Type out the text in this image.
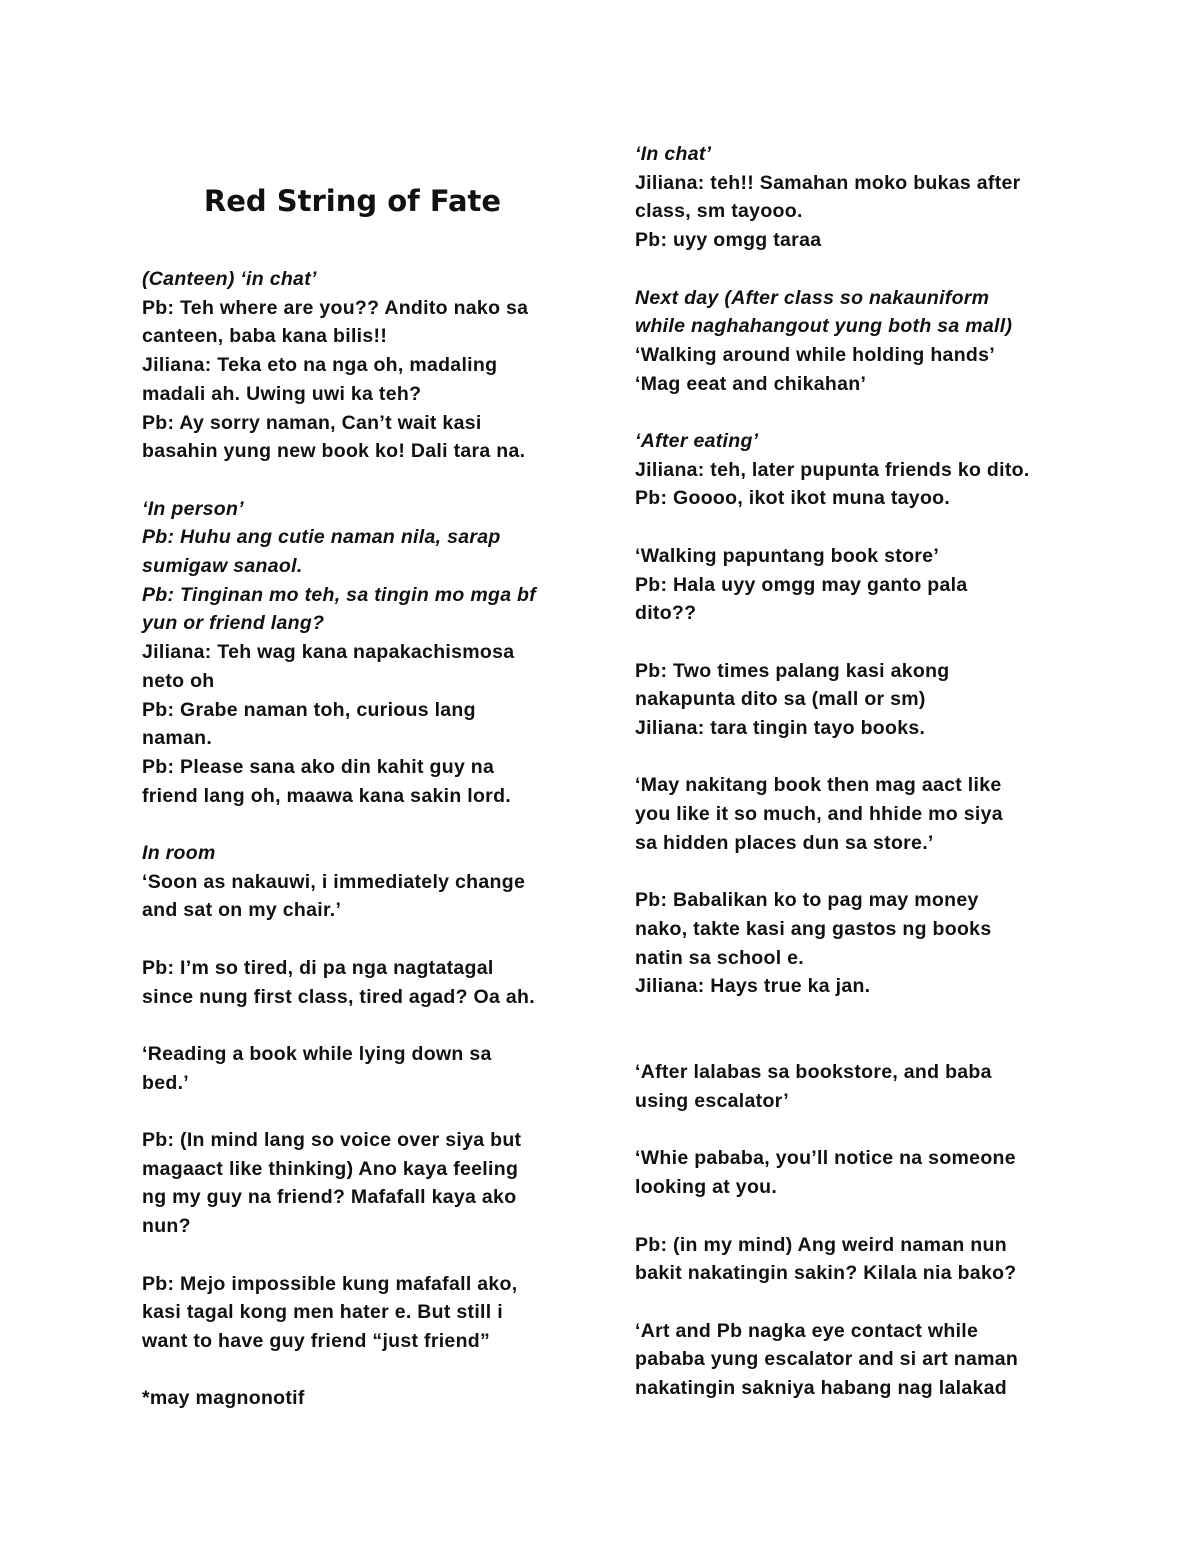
Red String of Fate
(Canteen) ‘in chat’
Pb: Teh where are you?? Andito nako sa
canteen, baba kana bilis!!
Jiliana: Teka eto na nga oh, madaling
madali ah. Uwing uwi ka teh?
Pb: Ay sorry naman, Can’t wait kasi
basahin yung new book ko! Dali tara na.
‘In person’
Pb: Huhu ang cutie naman nila, sarap
sumigaw sanaol.
Pb: Tinginan mo teh, sa tingin mo mga bf
yun or friend lang?
Jiliana: Teh wag kana napakachismosa
neto oh
Pb: Grabe naman toh, curious lang
naman.
Pb: Please sana ako din kahit guy na
friend lang oh, maawa kana sakin lord.
In room
‘Soon as nakauwi, i immediately change
and sat on my chair.’
Pb: I’m so tired, di pa nga nagtatagal
since nung first class, tired agad? Oa ah.
‘Reading a book while lying down sa
bed.’
Pb: (In mind lang so voice over siya but
magaact like thinking) Ano kaya feeling
ng my guy na friend? Mafafall kaya ako
nun?
Pb: Mejo impossible kung mafafall ako,
kasi tagal kong men hater e. But still i
want to have guy friend “just friend”
*may magnonotif
‘In chat’
Jiliana: teh!! Samahan moko bukas after
class, sm tayooo.
Pb: uyy omgg taraa
Next day (After class so nakauniform
while naghahangout yung both sa mall)
‘Walking around while holding hands’
‘Mag eeat and chikahan’
‘After eating’
Jiliana: teh, later pupunta friends ko dito.
Pb: Goooo, ikot ikot muna tayoo.
‘Walking papuntang book store’
Pb: Hala uyy omgg may ganto pala
dito??
Pb: Two times palang kasi akong
nakapunta dito sa (mall or sm)
Jiliana: tara tingin tayo books.
‘May nakitang book then mag aact like
you like it so much, and hhide mo siya
sa hidden places dun sa store.’
Pb: Babalikan ko to pag may money
nako, takte kasi ang gastos ng books
natin sa school e.
Jiliana: Hays true ka jan.
‘After lalabas sa bookstore, and baba
using escalator’
‘Whie pababa, you’ll notice na someone
looking at you.
Pb: (in my mind) Ang weird naman nun
bakit nakatingin sakin? Kilala nia bako?
‘Art and Pb nagka eye contact while
pababa yung escalator and si art naman
nakatingin sakniya habang nag lalakad
